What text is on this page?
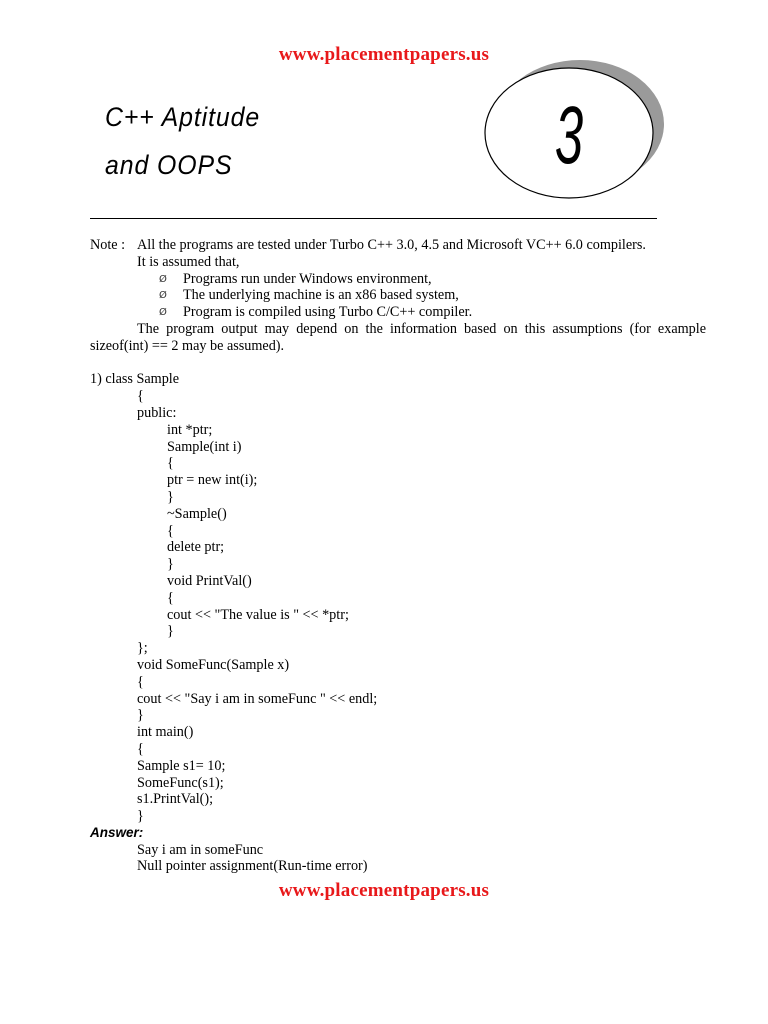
www.placementpapers.us
C++ Aptitude
and OOPS	3
Note : All the programs are tested under Turbo C++ 3.0, 4.5 and Microsoft VC++ 6.0 compilers.
It is assumed that,
Ø Programs run under Windows environment,
Ø The underlying machine is an x86 based system,
Ø Program is compiled using Turbo C/C++ compiler.
The program output may depend on the information based on this assumptions (for example sizeof(int) == 2 may be assumed).
1) class Sample
{
public:
int *ptr;
Sample(int i)
{
ptr = new int(i);
}
~Sample()
{
delete ptr;
}
void PrintVal()
{
cout << "The value is " << *ptr;
}
};
void SomeFunc(Sample x)
{
cout << "Say i am in someFunc " << endl;
}
int main()
{
Sample s1= 10;
SomeFunc(s1);
s1.PrintVal();
}
Answer:
Say i am in someFunc
Null pointer assignment(Run-time error)
www.placementpapers.us
